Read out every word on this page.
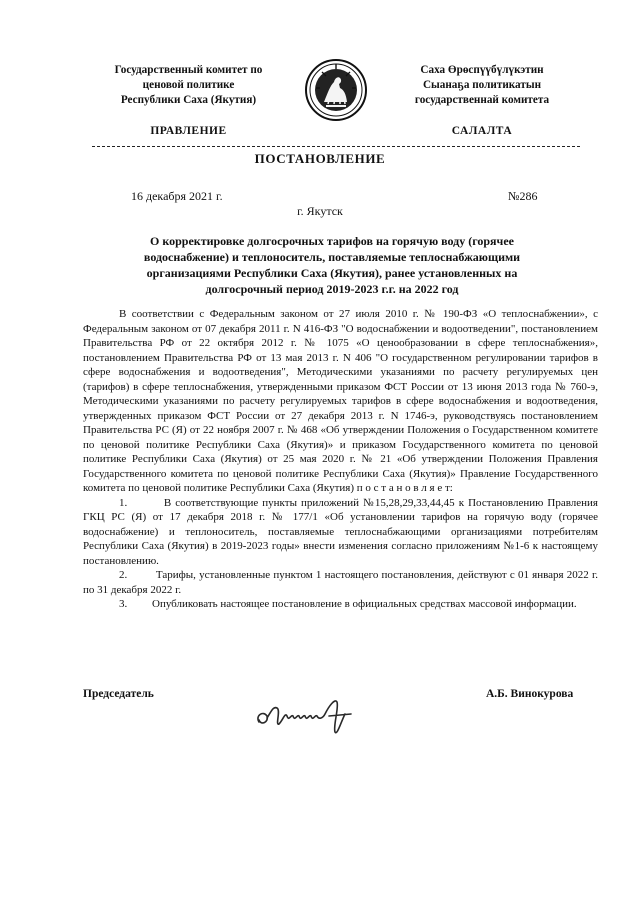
Государственный комитет по
ценовой политике
Республики Саха (Якутия)
Саха Өрөспүүбүлүкэтин
Сыанаҕа политикатын
государственнай комитета
ПРАВЛЕНИЕ	САЛАЛТА
ПОСТАНОВЛЕНИЕ
16 декабря 2021 г.	№286
г. Якутск
О корректировке долгосрочных тарифов на горячую воду (горячее
водоснабжение) и теплоноситель, поставляемые теплоснабжающими
организациями Республики Саха (Якутия), ранее установленных на
долгосрочный период 2019-2023 г.г. на 2022 год

В соответствии с Федеральным законом от 27 июля 2010 г. № 190-ФЗ «О теплоснабжении», с Федеральным законом от 07 декабря 2011 г. N 416-ФЗ "О водоснабжении и водоотведении", постановлением Правительства РФ от 22 октября 2012 г. № 1075 «О ценообразовании в сфере теплоснабжения», постановлением Правительства РФ от 13 мая 2013 г. N 406 "О государственном регулировании тарифов в сфере водоснабжения и водоотведения", Методическими указаниями по расчету регулируемых цен (тарифов) в сфере теплоснабжения, утвержденными приказом ФСТ России от 13 июня 2013 года № 760-э, Методическими указаниями по расчету регулируемых тарифов в сфере водоснабжения и водоотведения, утвержденных приказом ФСТ России от 27 декабря 2013 г. N 1746-э, руководствуясь постановлением Правительства РС (Я) от 22 ноября 2007 г. № 468 «Об утверждении Положения о Государственном комитете по ценовой политике Республики Саха (Якутия)» и приказом Государственного комитета по ценовой политике Республики Саха (Якутия) от 25 мая 2020 г. № 21 «Об утверждении Положения Правления Государственного комитета по ценовой политике Республики Саха (Якутия)» Правление Государственного комитета по ценовой политике Республики Саха (Якутия) п о с т а н о в л я е т:

1.         В соответствующие пункты приложений №15,28,29,33,44,45 к Постановлению Правления ГКЦ РС (Я) от 17 декабря 2018 г. № 177/1 «Об установлении тарифов на горячую воду (горячее водоснабжение) и теплоноситель, поставляемые теплоснабжающими организациями потребителям Республики Саха (Якутия) в 2019-2023 годы» внести изменения согласно приложениям №1-6 к настоящему постановлению.

2.         Тарифы, установленные пунктом 1 настоящего постановления, действуют с 01 января 2022 г. по 31 декабря 2022 г.

3.         Опубликовать настоящее постановление в официальных средствах массовой информации.

Председатель	А.Б. Винокурова
